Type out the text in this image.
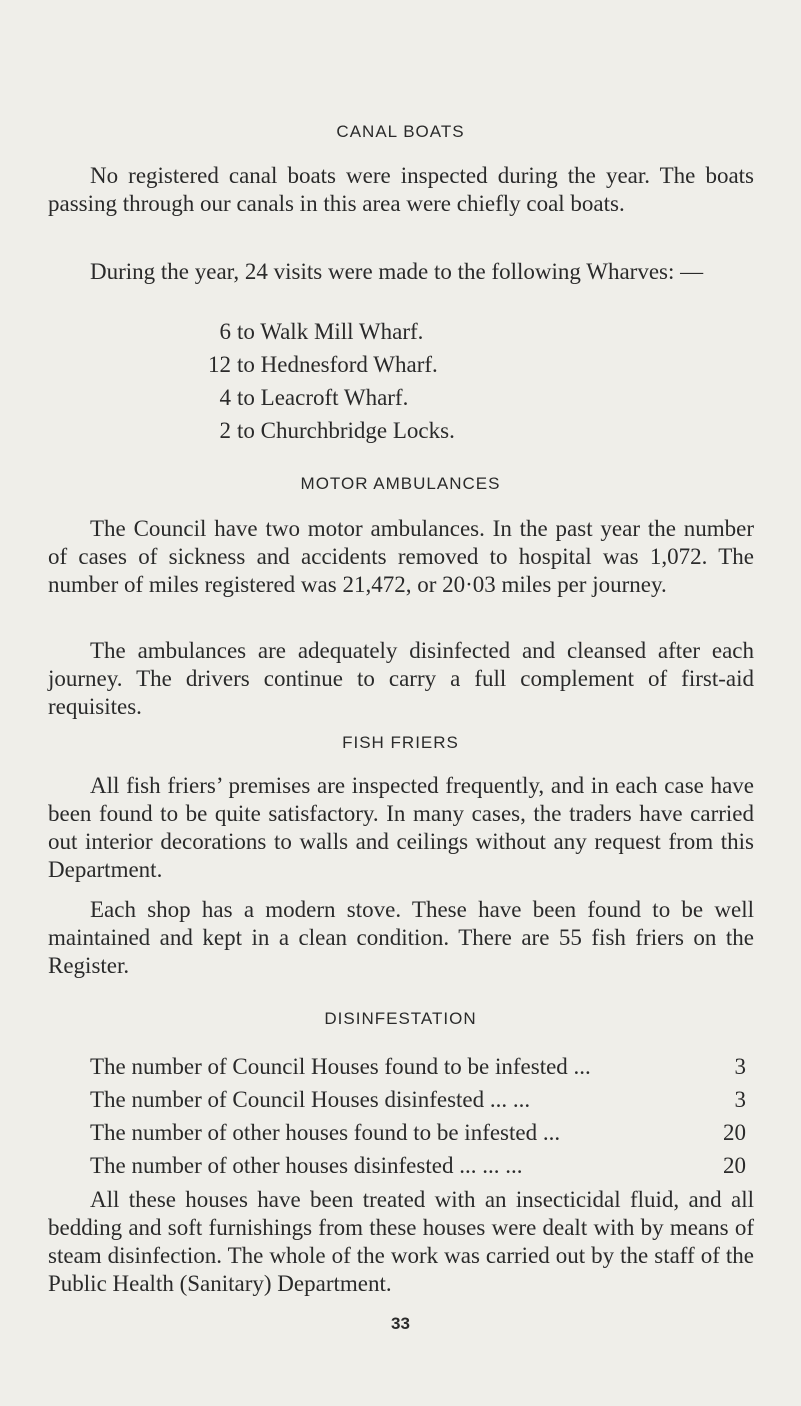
CANAL BOATS

No registered canal boats were inspected during the year. The boats passing through our canals in this area were chiefly coal boats.

During the year, 24 visits were made to the following Wharves: —

6 to Walk Mill Wharf.
12 to Hednesford Wharf.
4 to Leacroft Wharf.
2 to Churchbridge Locks.
MOTOR AMBULANCES

The Council have two motor ambulances. In the past year the number of cases of sickness and accidents removed to hospital was 1,072. The number of miles registered was 21,472, or 20·03 miles per journey.

The ambulances are adequately disinfected and cleansed after each journey. The drivers continue to carry a full complement of first-aid requisites.

FISH FRIERS

All fish friers’ premises are inspected frequently, and in each case have been found to be quite satisfactory. In many cases, the traders have carried out interior decorations to walls and ceilings without any request from this Department.

Each shop has a modern stove. These have been found to be well maintained and kept in a clean condition. There are 55 fish friers on the Register.

DISINFESTATION
The number of Council Houses found to be infested ...	3
The number of Council Houses disinfested ... ...	3
The number of other houses found to be infested ...	20
The number of other houses disinfested ... ... ...	20

All these houses have been treated with an insecticidal fluid, and all bedding and soft furnishings from these houses were dealt with by means of steam disinfection. The whole of the work was carried out by the staff of the Public Health (Sanitary) Department.

33
